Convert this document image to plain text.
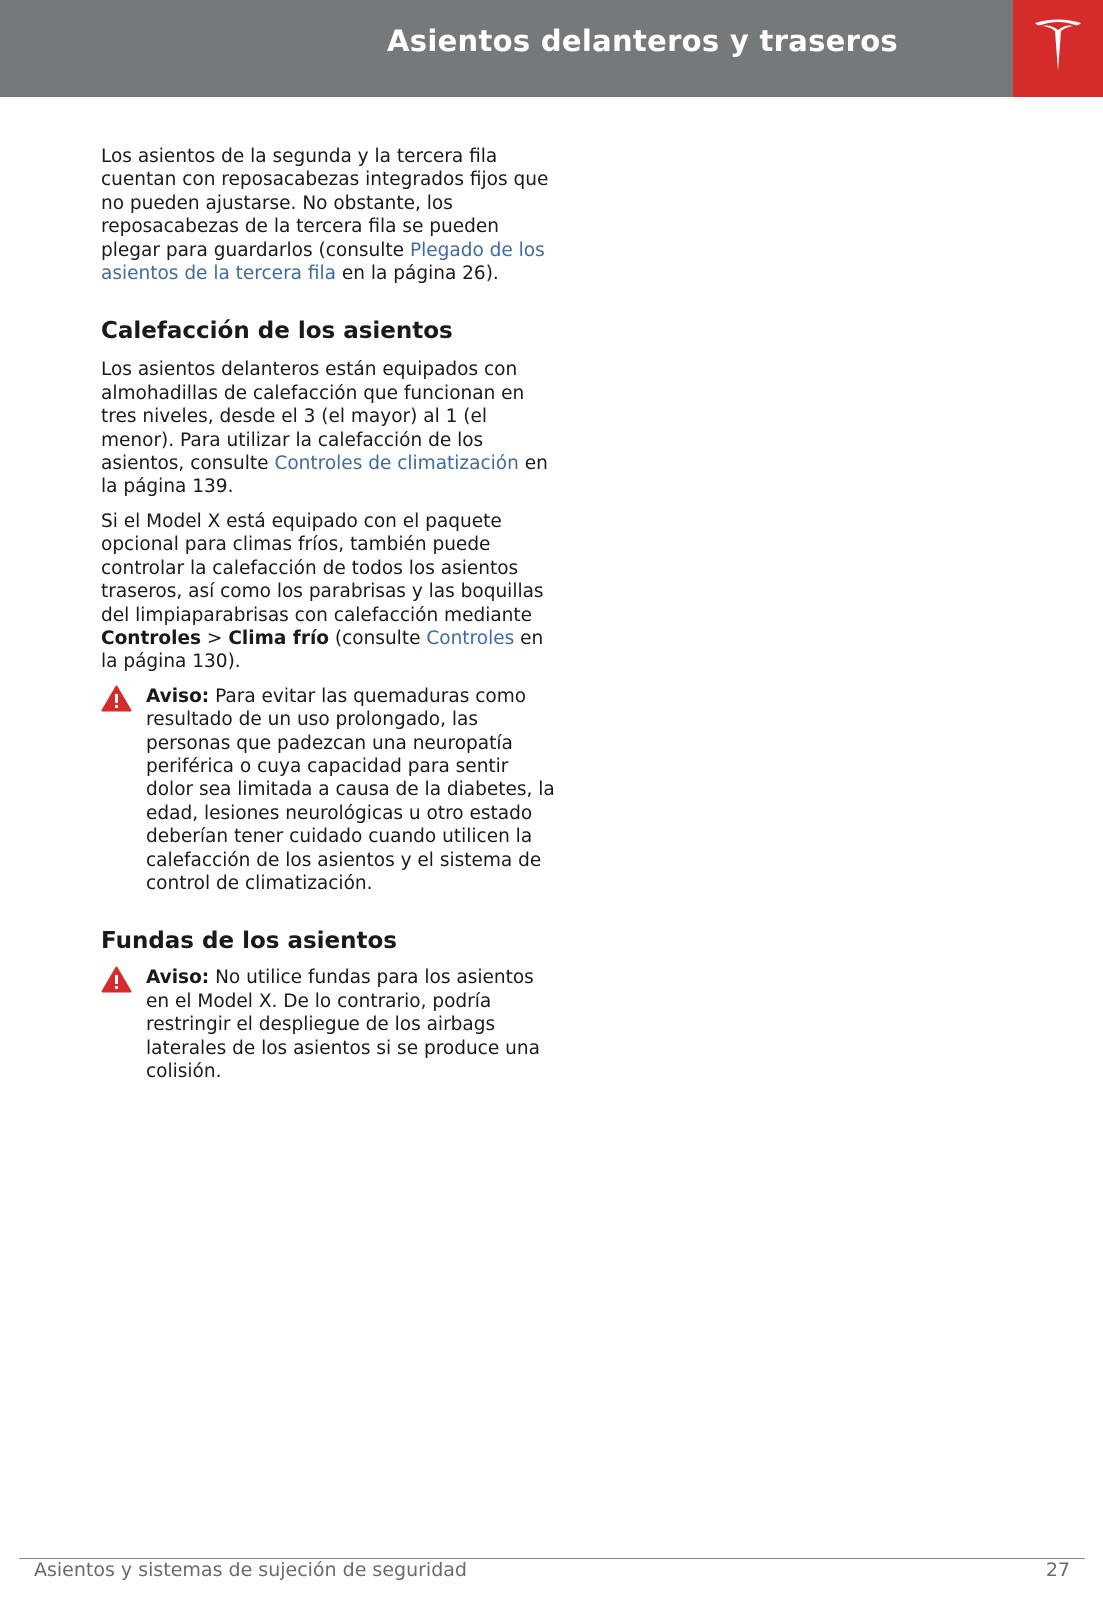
Asientos delanteros y traseros

Los asientos de la segunda y la tercera fila cuentan con reposacabezas integrados fijos que no pueden ajustarse. No obstante, los reposacabezas de la tercera fila se pueden plegar para guardarlos (consulte Plegado de los asientos de la tercera fila en la página 26).

Calefacción de los asientos

Los asientos delanteros están equipados con almohadillas de calefacción que funcionan en tres niveles, desde el 3 (el mayor) al 1 (el menor). Para utilizar la calefacción de los asientos, consulte Controles de climatización en la página 139.

Si el Model X está equipado con el paquete opcional para climas fríos, también puede controlar la calefacción de todos los asientos traseros, así como los parabrisas y las boquillas del limpiaparabrisas con calefacción mediante Controles > Clima frío (consulte Controles en la página 130).

Aviso: Para evitar las quemaduras como resultado de un uso prolongado, las personas que padezcan una neuropatía periférica o cuya capacidad para sentir dolor sea limitada a causa de la diabetes, la edad, lesiones neurológicas u otro estado deberían tener cuidado cuando utilicen la calefacción de los asientos y el sistema de control de climatización.

Fundas de los asientos

Aviso: No utilice fundas para los asientos en el Model X. De lo contrario, podría restringir el despliegue de los airbags laterales de los asientos si se produce una colisión.

Asientos y sistemas de sujeción de seguridad	27
